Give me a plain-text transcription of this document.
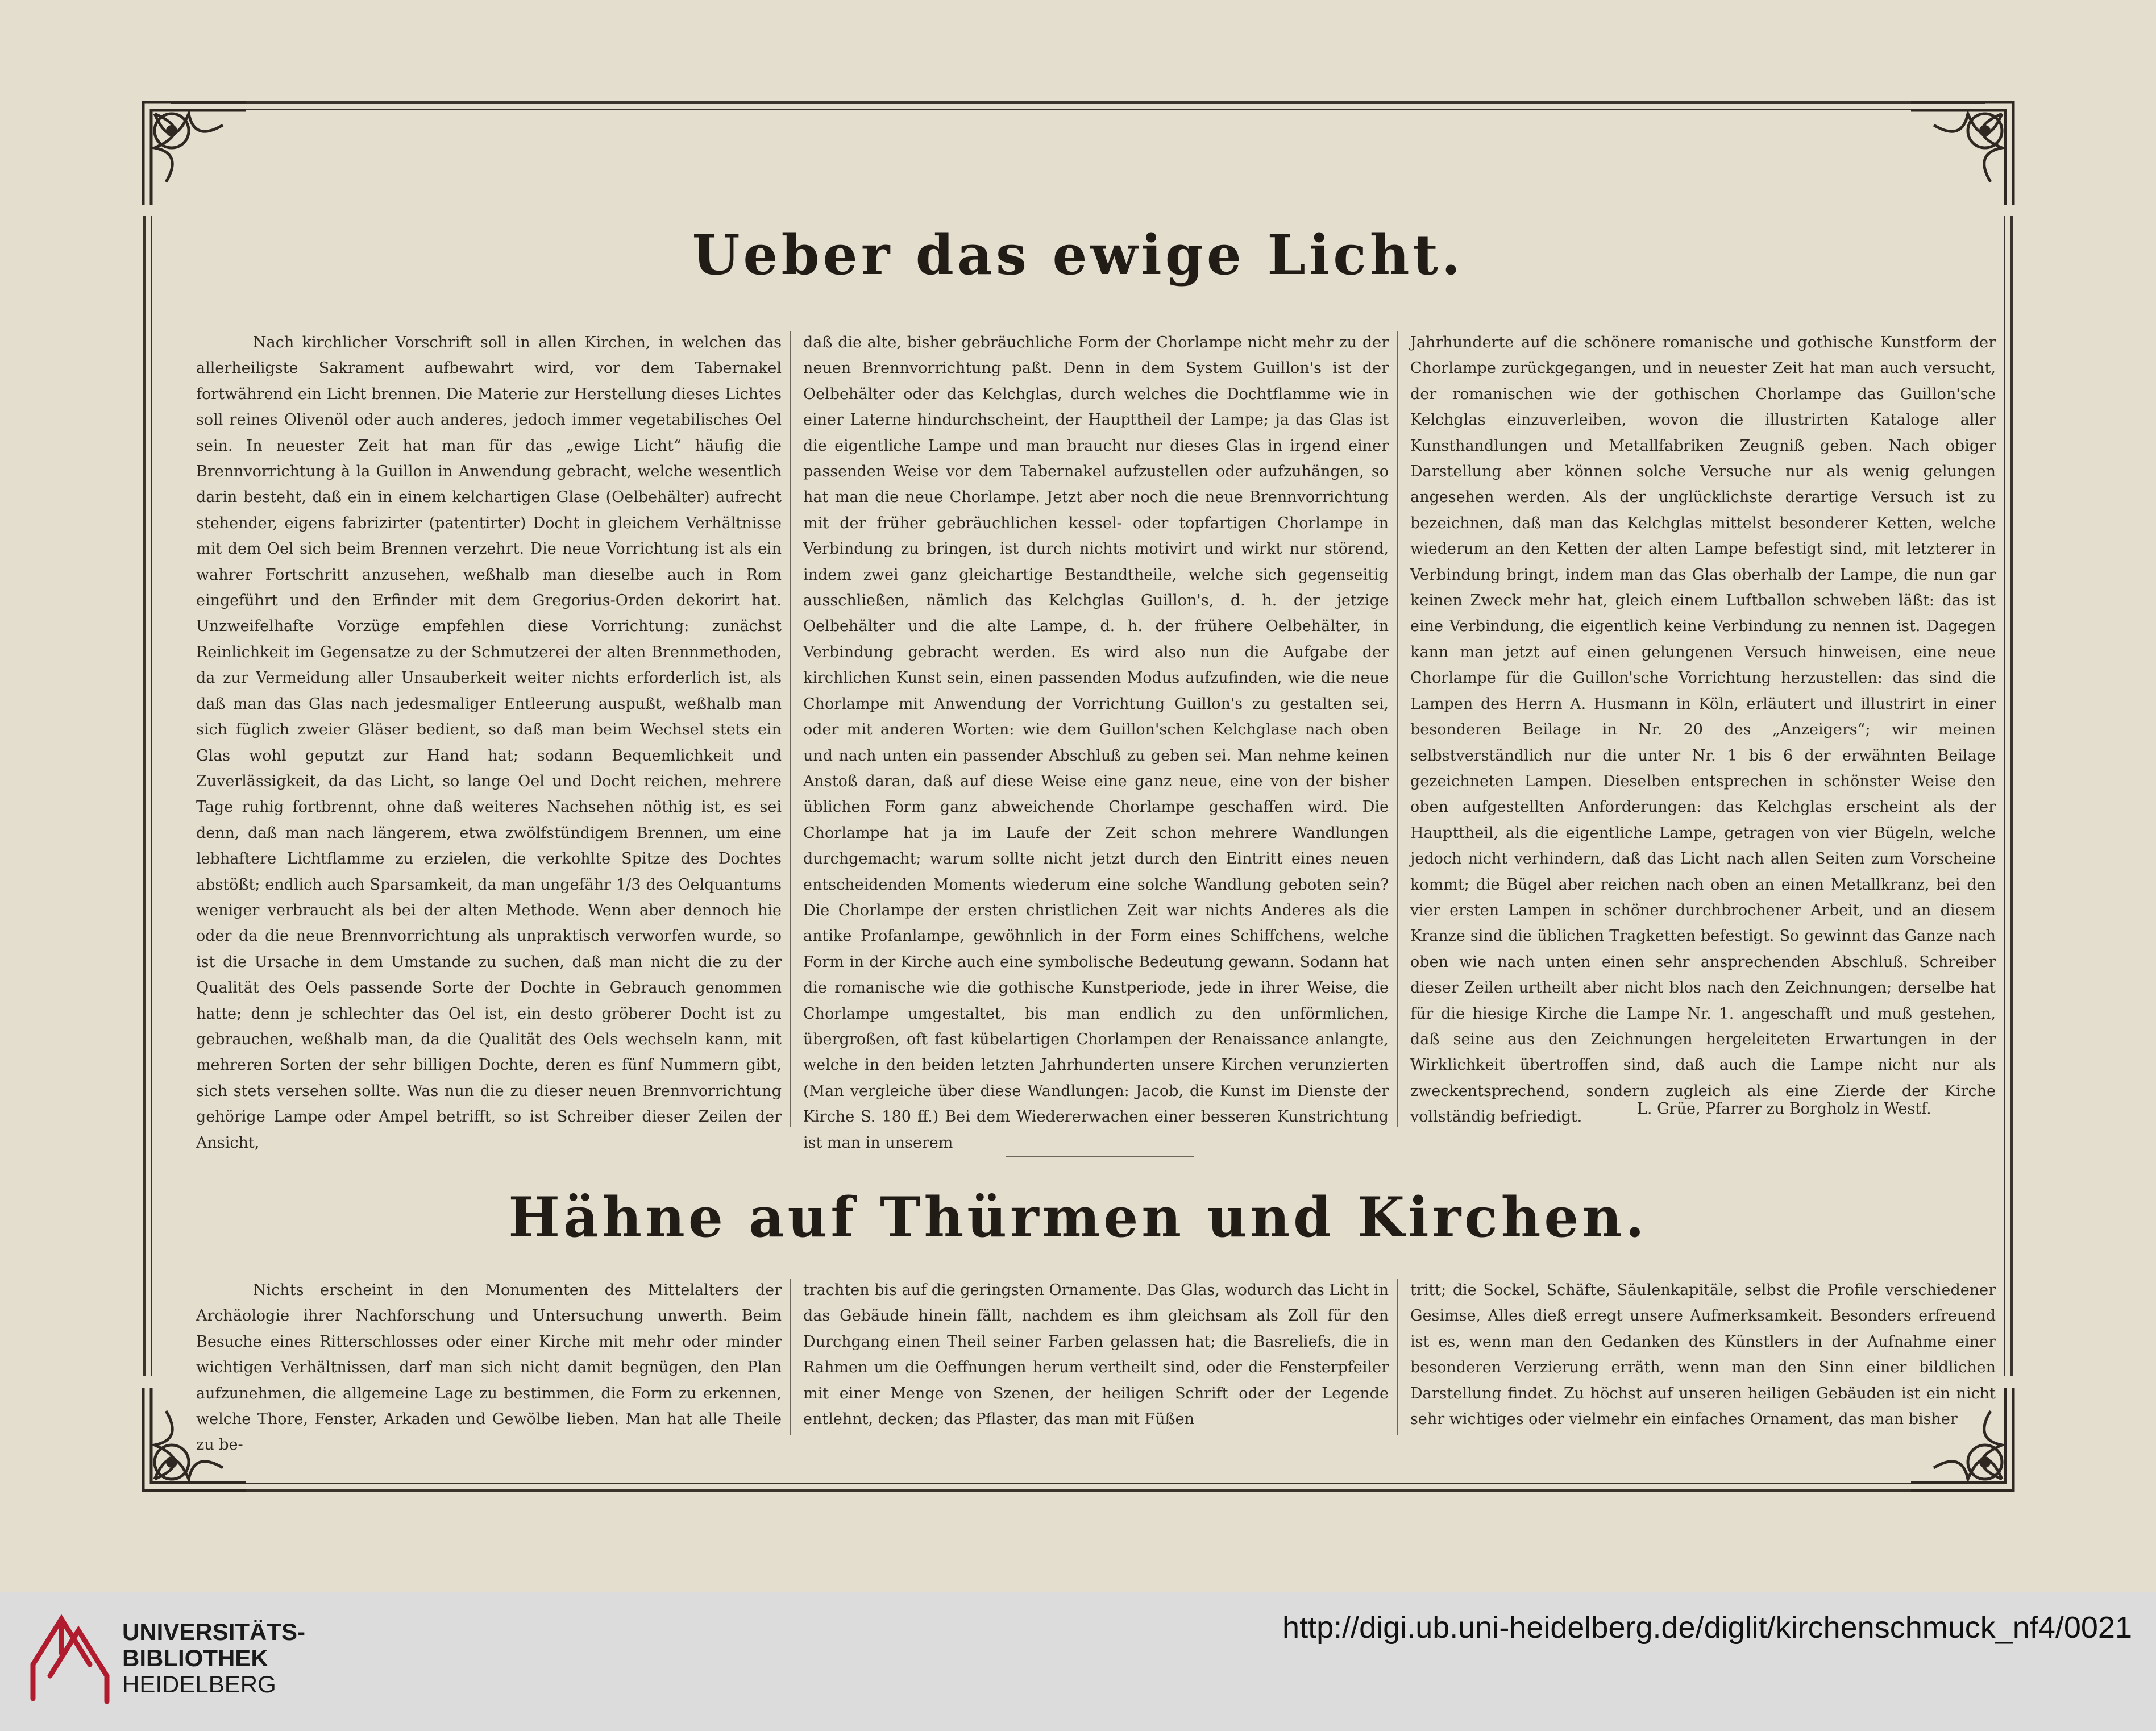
Ueber das ewige Licht.

Nach kirchlicher Vorschrift soll in allen Kirchen, in welchen das allerheiligste Sakrament aufbewahrt wird, vor dem Tabernakel fortwährend ein Licht brennen. Die Materie zur Herstellung dieses Lichtes soll reines Olivenöl oder auch anderes, jedoch immer vegetabilisches Oel sein. In neuester Zeit hat man für das „ewige Licht“ häufig die Brennvorrichtung à la Guillon in Anwendung gebracht, welche wesentlich darin besteht, daß ein in einem kelchartigen Glase (Oelbehälter) aufrecht stehender, eigens fabrizirter (patentirter) Docht in gleichem Verhältnisse mit dem Oel sich beim Brennen verzehrt. Die neue Vorrichtung ist als ein wahrer Fortschritt anzusehen, weßhalb man dieselbe auch in Rom eingeführt und den Erfinder mit dem Gregorius-Orden dekorirt hat. Unzweifelhafte Vorzüge empfehlen diese Vorrichtung: zunächst Reinlichkeit im Gegensatze zu der Schmutzerei der alten Brennmethoden, da zur Vermeidung aller Unsauberkeit weiter nichts erforderlich ist, als daß man das Glas nach jedesmaliger Entleerung auspußt, weßhalb man sich füglich zweier Gläser bedient, so daß man beim Wechsel stets ein Glas wohl geputzt zur Hand hat; sodann Bequemlichkeit und Zuverlässigkeit, da das Licht, so lange Oel und Docht reichen, mehrere Tage ruhig fortbrennt, ohne daß weiteres Nachsehen nöthig ist, es sei denn, daß man nach längerem, etwa zwölfstündigem Brennen, um eine lebhaftere Lichtflamme zu erzielen, die verkohlte Spitze des Dochtes abstößt; endlich auch Sparsamkeit, da man ungefähr 1/3 des Oelquantums weniger verbraucht als bei der alten Methode. Wenn aber dennoch hie oder da die neue Brennvorrichtung als unpraktisch verworfen wurde, so ist die Ursache in dem Umstande zu suchen, daß man nicht die zu der Qualität des Oels passende Sorte der Dochte in Gebrauch genommen hatte; denn je schlechter das Oel ist, ein desto gröberer Docht ist zu gebrauchen, weßhalb man, da die Qualität des Oels wechseln kann, mit mehreren Sorten der sehr billigen Dochte, deren es fünf Nummern gibt, sich stets versehen sollte. Was nun die zu dieser neuen Brennvorrichtung gehörige Lampe oder Ampel betrifft, so ist Schreiber dieser Zeilen der Ansicht,

daß die alte, bisher gebräuchliche Form der Chorlampe nicht mehr zu der neuen Brennvorrichtung paßt. Denn in dem System Guillon's ist der Oelbehälter oder das Kelchglas, durch welches die Dochtflamme wie in einer Laterne hindurchscheint, der Haupttheil der Lampe; ja das Glas ist die eigentliche Lampe und man braucht nur dieses Glas in irgend einer passenden Weise vor dem Tabernakel aufzustellen oder aufzuhängen, so hat man die neue Chorlampe. Jetzt aber noch die neue Brennvorrichtung mit der früher gebräuchlichen kessel- oder topfartigen Chorlampe in Verbindung zu bringen, ist durch nichts motivirt und wirkt nur störend, indem zwei ganz gleichartige Bestandtheile, welche sich gegenseitig ausschließen, nämlich das Kelchglas Guillon's, d. h. der jetzige Oelbehälter und die alte Lampe, d. h. der frühere Oelbehälter, in Verbindung gebracht werden. Es wird also nun die Aufgabe der kirchlichen Kunst sein, einen passenden Modus aufzufinden, wie die neue Chorlampe mit Anwendung der Vorrichtung Guillon's zu gestalten sei, oder mit anderen Worten: wie dem Guillon'schen Kelchglase nach oben und nach unten ein passender Abschluß zu geben sei. Man nehme keinen Anstoß daran, daß auf diese Weise eine ganz neue, eine von der bisher üblichen Form ganz abweichende Chorlampe geschaffen wird. Die Chorlampe hat ja im Laufe der Zeit schon mehrere Wandlungen durchgemacht; warum sollte nicht jetzt durch den Eintritt eines neuen entscheidenden Moments wiederum eine solche Wandlung geboten sein? Die Chorlampe der ersten christlichen Zeit war nichts Anderes als die antike Profanlampe, gewöhnlich in der Form eines Schiffchens, welche Form in der Kirche auch eine symbolische Bedeutung gewann. Sodann hat die romanische wie die gothische Kunstperiode, jede in ihrer Weise, die Chorlampe umgestaltet, bis man endlich zu den unförmlichen, übergroßen, oft fast kübelartigen Chorlampen der Renaissance anlangte, welche in den beiden letzten Jahrhunderten unsere Kirchen verunzierten (Man vergleiche über diese Wandlungen: Jacob, die Kunst im Dienste der Kirche S. 180 ff.) Bei dem Wiedererwachen einer besseren Kunstrichtung ist man in unserem

Jahrhunderte auf die schönere romanische und gothische Kunstform der Chorlampe zurückgegangen, und in neuester Zeit hat man auch versucht, der romanischen wie der gothischen Chorlampe das Guillon'sche Kelchglas einzuverleiben, wovon die illustrirten Kataloge aller Kunsthandlungen und Metallfabriken Zeugniß geben. Nach obiger Darstellung aber können solche Versuche nur als wenig gelungen angesehen werden. Als der unglücklichste derartige Versuch ist zu bezeichnen, daß man das Kelchglas mittelst besonderer Ketten, welche wiederum an den Ketten der alten Lampe befestigt sind, mit letzterer in Verbindung bringt, indem man das Glas oberhalb der Lampe, die nun gar keinen Zweck mehr hat, gleich einem Luftballon schweben läßt: das ist eine Verbindung, die eigentlich keine Verbindung zu nennen ist. Dagegen kann man jetzt auf einen gelungenen Versuch hinweisen, eine neue Chorlampe für die Guillon'sche Vorrichtung herzustellen: das sind die Lampen des Herrn A. Husmann in Köln, erläutert und illustrirt in einer besonderen Beilage in Nr. 20 des „Anzeigers“; wir meinen selbstverständlich nur die unter Nr. 1 bis 6 der erwähnten Beilage gezeichneten Lampen. Dieselben entsprechen in schönster Weise den oben aufgestellten Anforderungen: das Kelchglas erscheint als der Haupttheil, als die eigentliche Lampe, getragen von vier Bügeln, welche jedoch nicht verhindern, daß das Licht nach allen Seiten zum Vorscheine kommt; die Bügel aber reichen nach oben an einen Metallkranz, bei den vier ersten Lampen in schöner durchbrochener Arbeit, und an diesem Kranze sind die üblichen Tragketten befestigt. So gewinnt das Ganze nach oben wie nach unten einen sehr ansprechenden Abschluß. Schreiber dieser Zeilen urtheilt aber nicht blos nach den Zeichnungen; derselbe hat für die hiesige Kirche die Lampe Nr. 1. angeschafft und muß gestehen, daß seine aus den Zeichnungen hergeleiteten Erwartungen in der Wirklichkeit übertroffen sind, daß auch die Lampe nicht nur als zweckentsprechend, sondern zugleich als eine Zierde der Kirche vollständig befriedigt.	L. Grüe, Pfarrer zu Borgholz in Westf.
Hähne auf Thürmen und Kirchen.

Nichts erscheint in den Monumenten des Mittelalters der Archäologie ihrer Nachforschung und Untersuchung unwerth. Beim Besuche eines Ritterschlosses oder einer Kirche mit mehr oder minder wichtigen Verhältnissen, darf man sich nicht damit begnügen, den Plan aufzunehmen, die allgemeine Lage zu bestimmen, die Form zu erkennen, welche Thore, Fenster, Arkaden und Gewölbe lieben. Man hat alle Theile zu be-

trachten bis auf die geringsten Ornamente. Das Glas, wodurch das Licht in das Gebäude hinein fällt, nachdem es ihm gleichsam als Zoll für den Durchgang einen Theil seiner Farben gelassen hat; die Basreliefs, die in Rahmen um die Oeffnungen herum vertheilt sind, oder die Fensterpfeiler mit einer Menge von Szenen, der heiligen Schrift oder der Legende entlehnt, decken; das Pflaster, das man mit Füßen

tritt; die Sockel, Schäfte, Säulenkapitäle, selbst die Profile verschiedener Gesimse, Alles dieß erregt unsere Aufmerksamkeit. Besonders erfreuend ist es, wenn man den Gedanken des Künstlers in der Aufnahme einer besonderen Verzierung erräth, wenn man den Sinn einer bildlichen Darstellung findet. Zu höchst auf unseren heiligen Gebäuden ist ein nicht sehr wichtiges oder vielmehr ein einfaches Ornament, das man bisher

UNIVERSITÄTS-
BIBLIOTHEK
HEIDELBERG
http://digi.ub.uni-heidelberg.de/diglit/kirchenschmuck_nf4/0021
